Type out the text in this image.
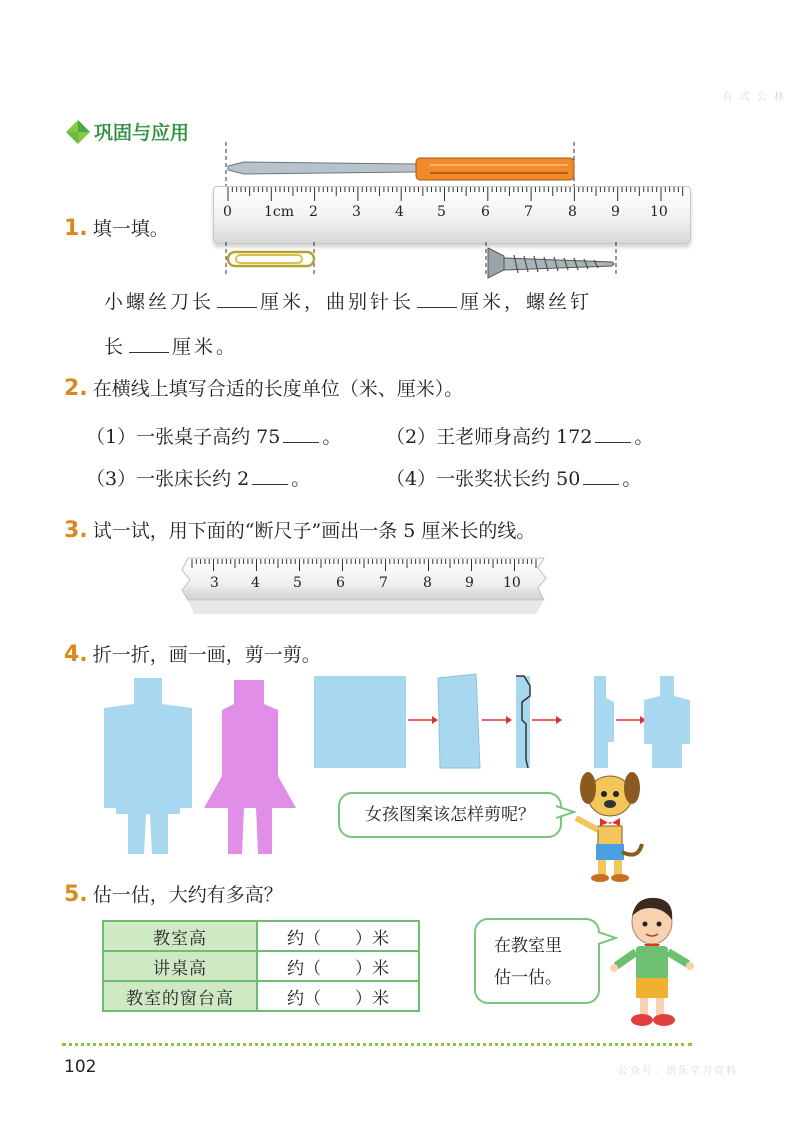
有 式 公 林
公众号：语乐学习资料
巩固与应用
1. 填一填。
0 1cm 2 3 4 5	6 7	8 9 10
小螺丝刀长 厘米，曲别针长 厘米，螺丝钉
长 厘米。
2. 在横线上填写合适的长度单位（米、厘米）。
（1）一张桌子高约 75 。 （2）王老师身高约 172 。
（3）一张床长约 2 。	（4）一张奖状长约 50 。
3. 试一试，用下面的“断尺子”画出一条 5 厘米长的线。
3 4 5 6 7	8 9 10
4. 折一折，画一画，剪一剪。
女孩图案该怎样剪呢？
5. 估一估，大约有多高？
教室高	约（　　）米
讲桌高	约（　　）米
教室的窗台高	约（　　）米
在教室里
估一估。
102
